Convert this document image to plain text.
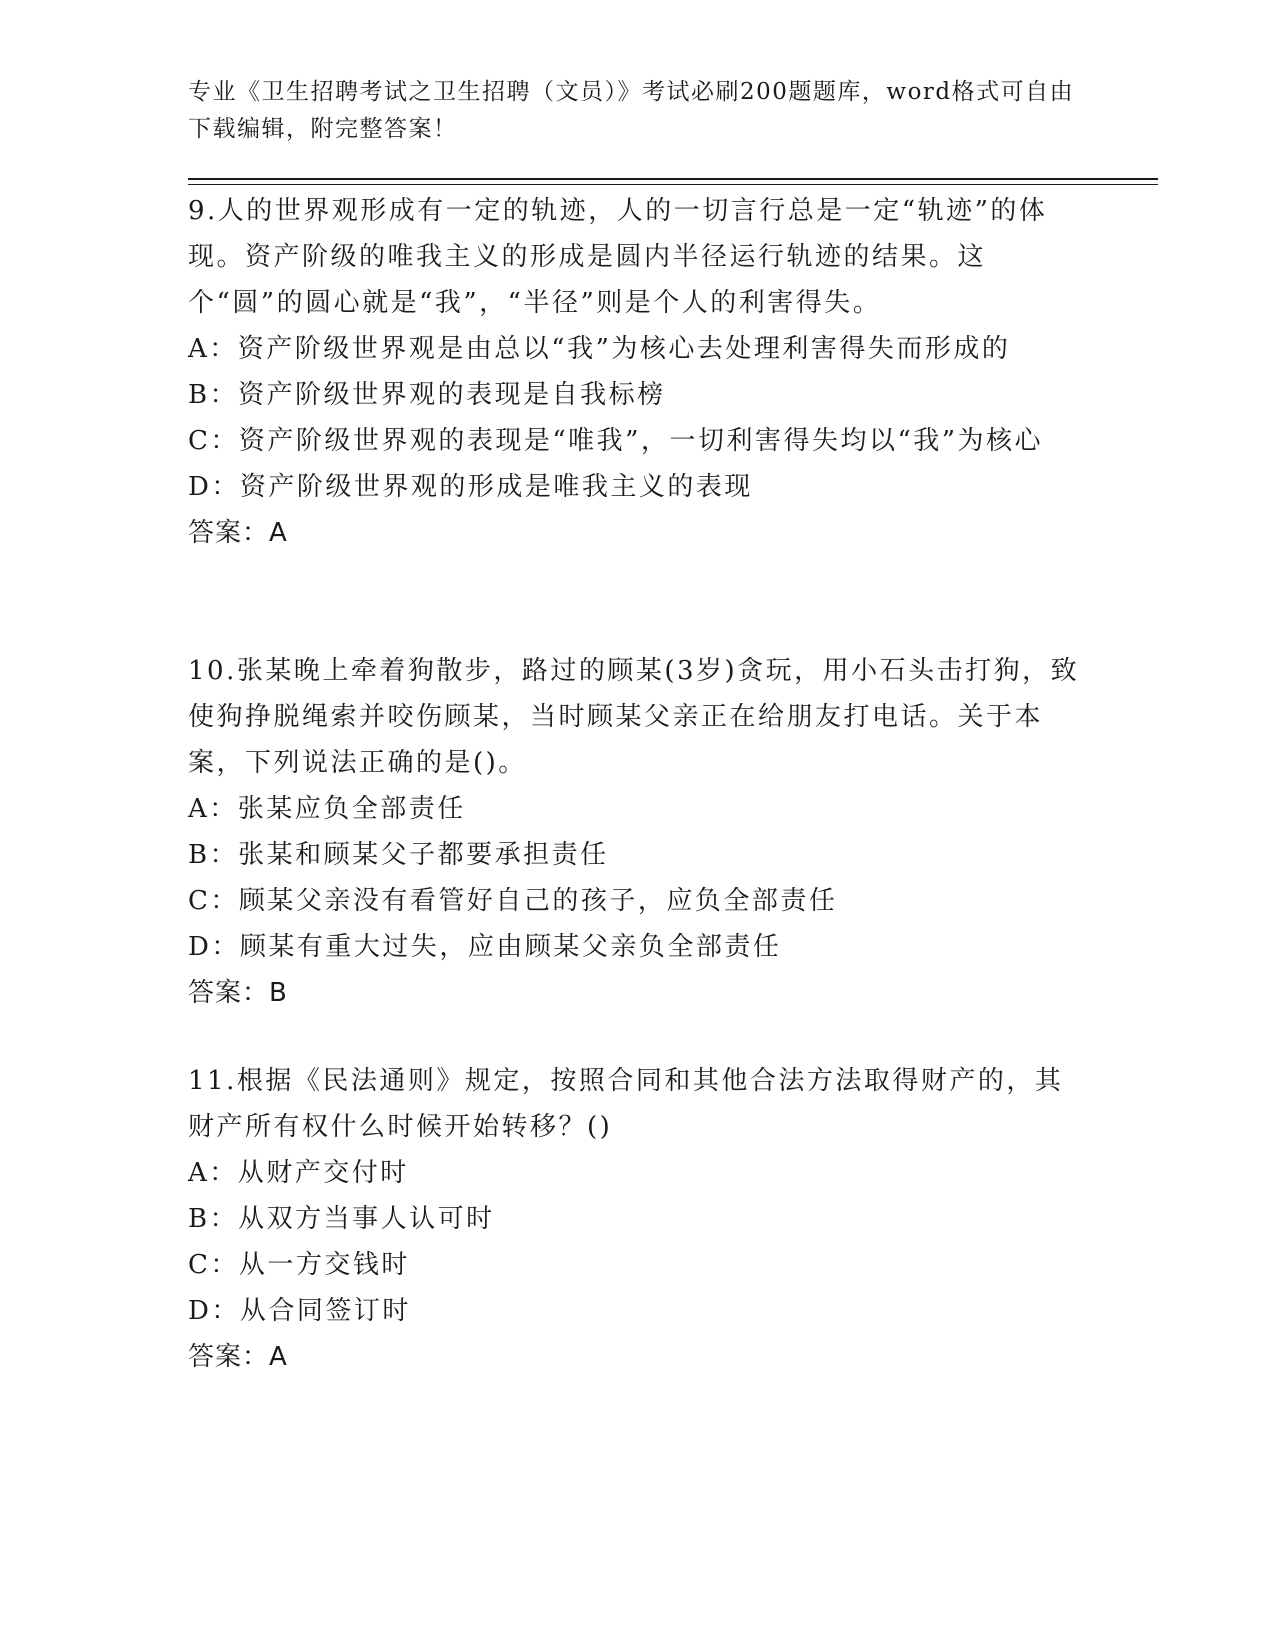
专业《卫生招聘考试之卫生招聘（文员）》考试必刷200题题库，word格式可自由下载编辑，附完整答案！
9.人的世界观形成有一定的轨迹，人的一切言行总是一定“轨迹”的体现。资产阶级的唯我主义的形成是圆内半径运行轨迹的结果。这个“圆”的圆心就是“我”，“半径”则是个人的利害得失。
A：资产阶级世界观是由总以“我”为核心去处理利害得失而形成的
B：资产阶级世界观的表现是自我标榜
C：资产阶级世界观的表现是“唯我”，一切利害得失均以“我”为核心
D：资产阶级世界观的形成是唯我主义的表现
答案：A
10.张某晚上牵着狗散步，路过的顾某(3岁)贪玩，用小石头击打狗，致使狗挣脱绳索并咬伤顾某，当时顾某父亲正在给朋友打电话。关于本案，下列说法正确的是()。
A：张某应负全部责任
B：张某和顾某父子都要承担责任
C：顾某父亲没有看管好自己的孩子，应负全部责任
D：顾某有重大过失，应由顾某父亲负全部责任
答案：B
11.根据《民法通则》规定，按照合同和其他合法方法取得财产的，其财产所有权什么时候开始转移？()
A：从财产交付时
B：从双方当事人认可时
C：从一方交钱时
D：从合同签订时
答案：A
